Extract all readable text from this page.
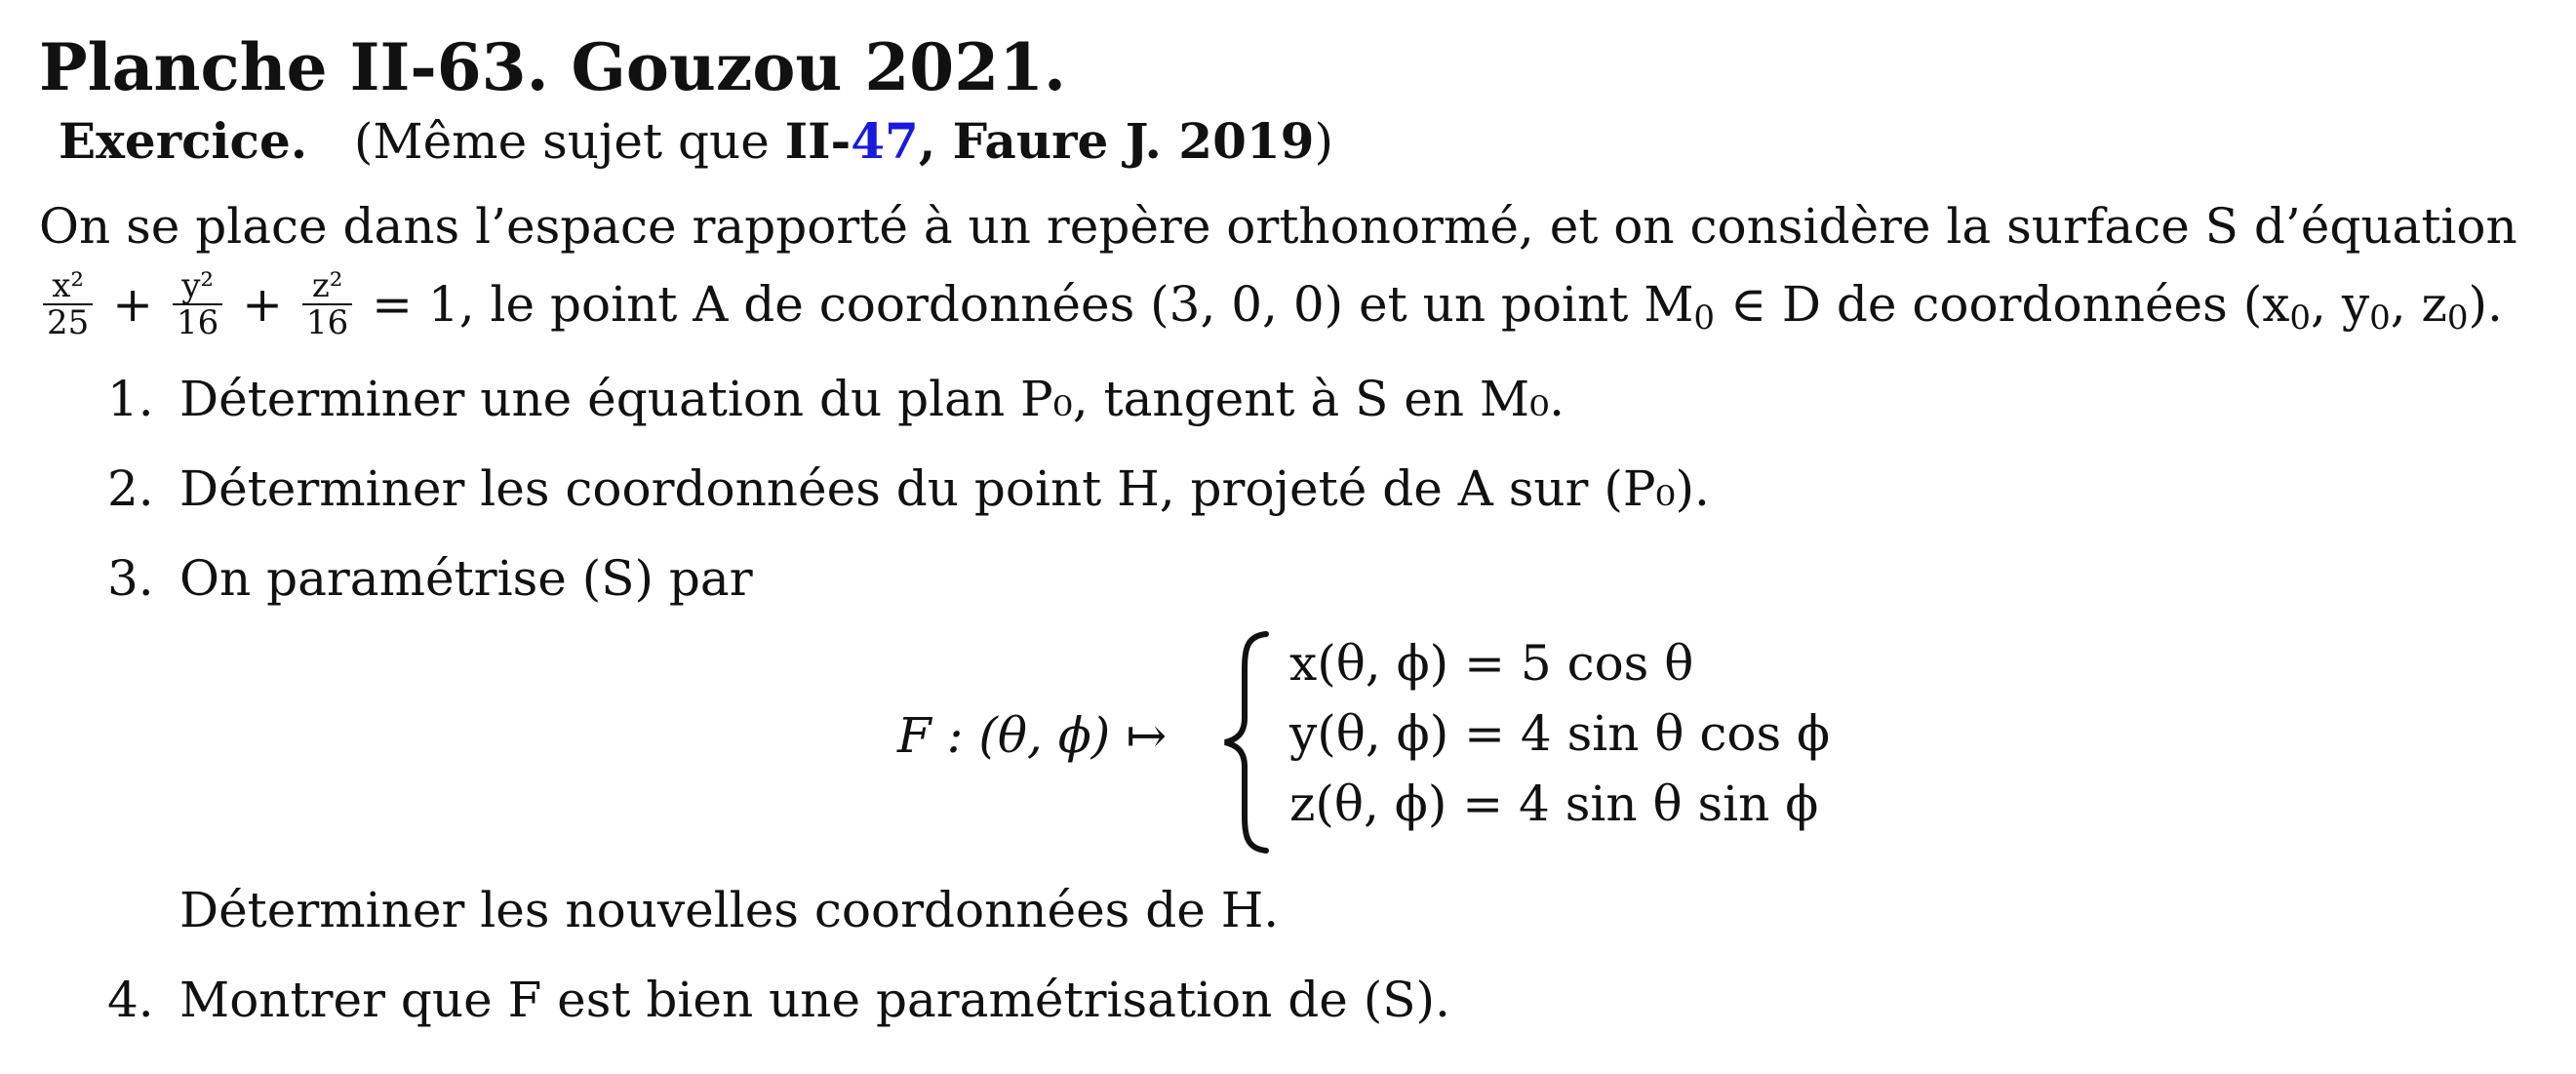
Planche II-63. Gouzou 2021.
Exercice. (Même sujet que II-47, Faure J. 2019)
On se place dans l’espace rapporté à un repère orthonormé, et on considère la surface S d’équation
$\frac{\text{x²}}{25} + \frac{\text{y²}}{16} + \frac{\text{z²}}{16} = 1$, le point A de coordonnées (3, 0, 0) et un point $M_0$ ∈ D de coordonnées ($x_0$, $y_0$, $z_0$).
1. Déterminer une équation du plan P₀, tangent à S en M₀.
2. Déterminer les coordonnées du point H, projeté de A sur (P₀).
3. On paramétrise (S) par
F : (θ, ϕ) ↦
x(θ, ϕ) = 5 cos θ
y(θ, ϕ) = 4 sin θ cos ϕ
z(θ, ϕ) = 4 sin θ sin ϕ
Déterminer les nouvelles coordonnées de H.
4. Montrer que F est bien une paramétrisation de (S).
